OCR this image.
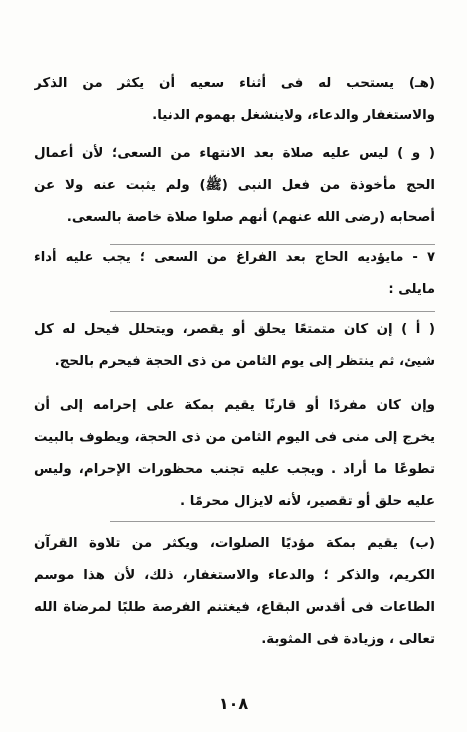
(هـ) يستحب له فى أثناء سعيه أن يكثر من الذكر
والاستغفار والدعاء، ولاينشغل بهموم الدنيا.

( و ) ليس عليه صلاة بعد الانتهاء من السعى؛ لأن أعمال
الحج مأخوذة من فعل النبى (ﷺ) ولم يثبت عنه ولا عن
أصحابه (رضى الله عنهم) أنهم صلوا صلاة خاصة بالسعى.

٧ - مايؤديه الحاج بعد الفراغ من السعى ؛ يجب عليه أداء
مايلى :

( أ ) إن كان متمتعًا يحلق أو يقصر، ويتحلل فيحل له كل
شيئ، ثم ينتظر إلى يوم الثامن من ذى الحجة فيحرم بالحج.

وإن كان مفردًا أو قارنًا يقيم بمكة على إحرامه إلى أن
يخرج إلى منى فى اليوم الثامن من ذى الحجة، ويطوف بالبيت
تطوعًا ما أراد . ويجب عليه تجنب محظورات الإحرام، وليس
عليه حلق أو تقصير، لأنه لايزال محرمًا .

(ب) يقيم بمكة مؤديًا الصلوات، ويكثر من تلاوة القرآن
الكريم، والذكر ؛ والدعاء والاستغفار، ذلك، لأن هذا موسم
الطاعات فى أقدس البقاع، فيغتنم الفرصة طلبًا لمرضاة الله
تعالى ، وزيادة فى المثوبة.

١٠٨
